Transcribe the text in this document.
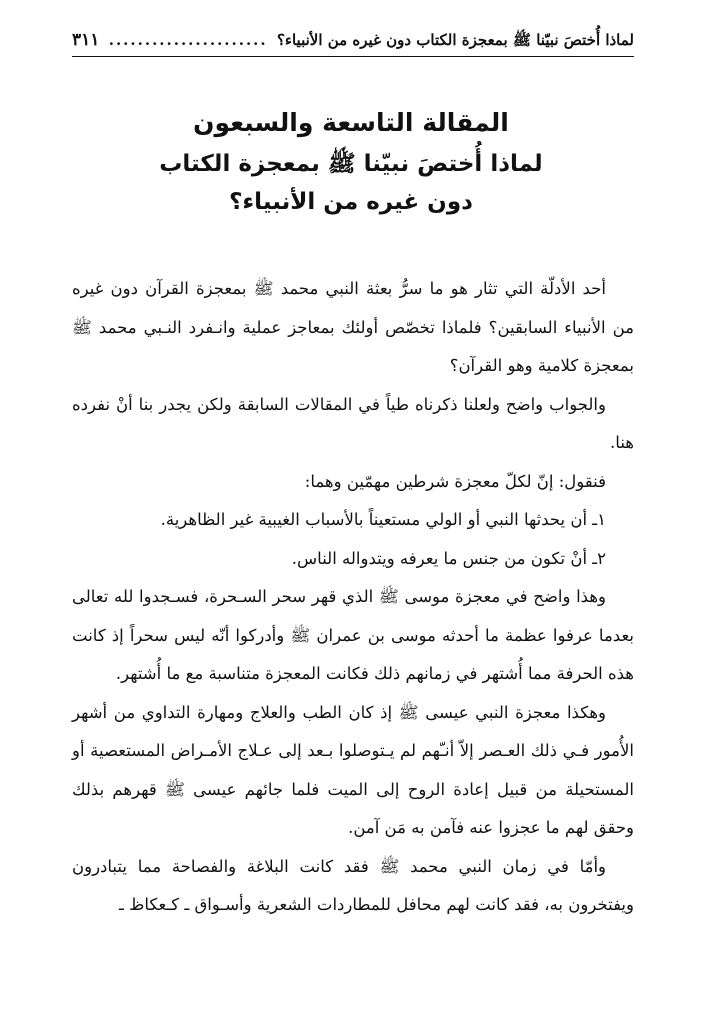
لماذا أُختصَ نبيّنا ﷺ بمعجزة الكتاب دون غيره من الأنبياء؟
......................
٣١١
المقالة التاسعة والسبعون
لماذا أُختصَ نبيّنا ﷺ بمعجزة الكتاب
دون غيره من الأنبياء؟

أحد الأدلّة التي تثار هو ما سرُّ بعثة النبي محمد ﷺ بمعجزة القرآن دون غيره من الأنبياء السابقين؟ فلماذا تخصّص أولئك بمعاجز عملية وانـفرد النـبي محمد ﷺ بمعجزة كلامية وهو القرآن؟

والجواب واضح ولعلنا ذكرناه طياً في المقالات السابقة ولكن يجدر بنا أنْ نفرده هنا.

فنقول: إنّ لكلّ معجزة شرطين مهمّين وهما:

١ـ أن يحدثها النبي أو الولي مستعيناً بالأسباب الغيبية غير الظاهرية.

٢ـ أنْ تكون من جنس ما يعرفه ويتدواله الناس.

وهذا واضح في معجزة موسى ﷺ الذي قهر سحر السـحرة، فسـجدوا لله تعالى بعدما عرفوا عظمة ما أحدثه موسى بن عمران ﷺ وأدركوا أنّه ليس سحراً إذ كانت هذه الحرفة مما أُشتهر في زمانهم ذلك فكانت المعجزة متناسبة مع ما أُشتهر.

وهكذا معجزة النبي عيسى ﷺ إذ كان الطب والعلاج ومهارة التداوي من أشهر الأُمور فـي ذلك العـصر إلاّ أنـّهم لم يـتوصلوا بـعد إلى عـلاج الأمـراض المستعصية أو المستحيلة من قبيل إعادة الروح إلى الميت فلما جائهم عيسى ﷺ قهرهم بذلك وحقق لهم ما عجزوا عنه فآمن به مَن آمن.

وأمّا في زمان النبي محمد ﷺ فقد كانت البلاغة والفصاحة مما يتبادرون ويفتخرون به، فقد كانت لهم محافل للمطاردات الشعرية وأسـواق ـ كـعكاظ ـ
